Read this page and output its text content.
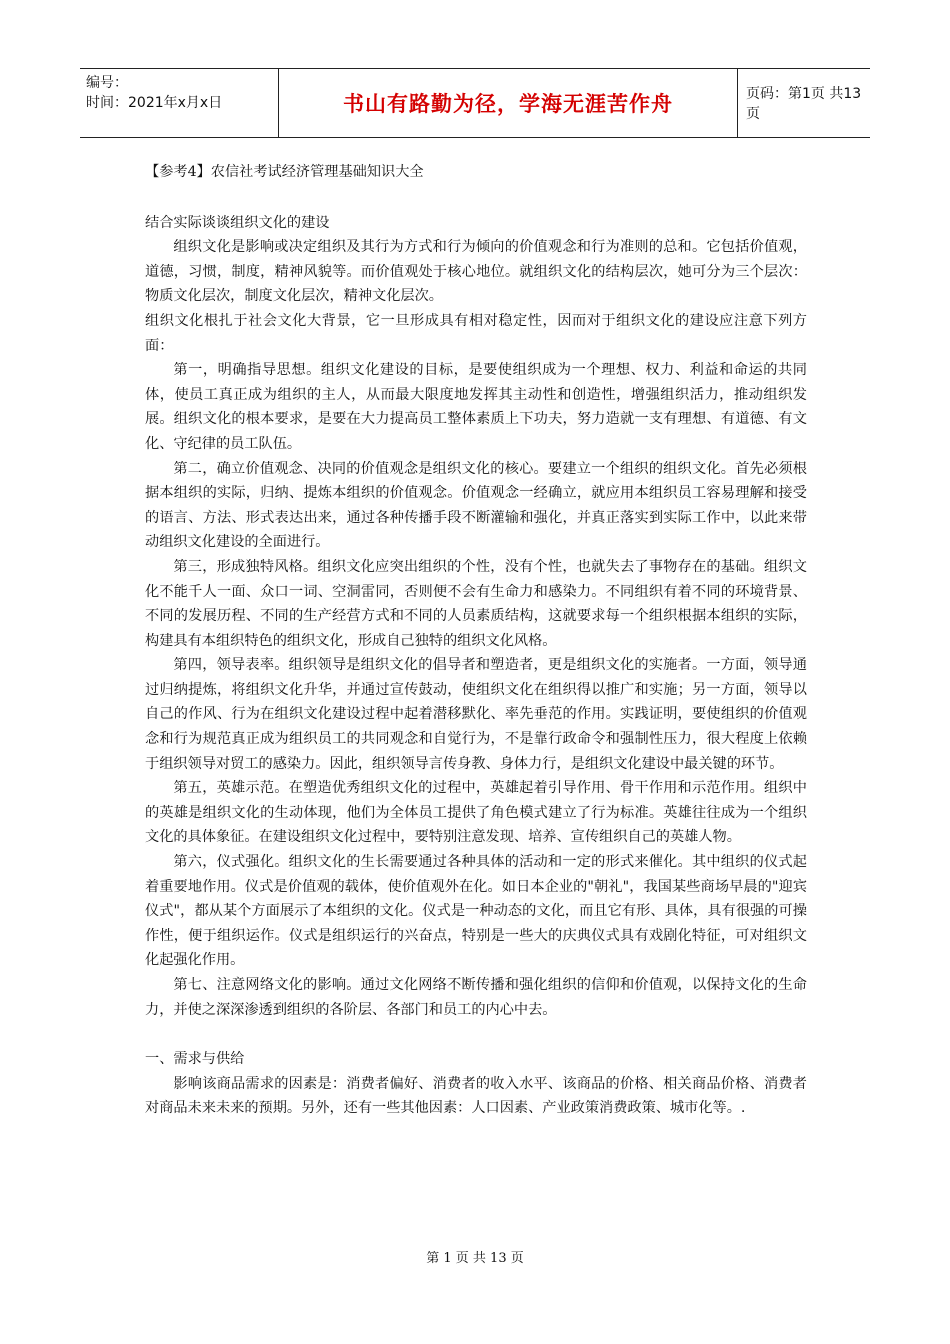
编号：
时间：2021年x月x日	书山有路勤为径，学海无涯苦作舟	页码：第1页 共13页

【参考4】农信社考试经济管理基础知识大全

结合实际谈谈组织文化的建设

组织文化是影响或决定组织及其行为方式和行为倾向的价值观念和行为准则的总和。它包括价值观，道德，习惯，制度，精神风貌等。而价值观处于核心地位。就组织文化的结构层次，她可分为三个层次：物质文化层次，制度文化层次，精神文化层次。

组织文化根扎于社会文化大背景，它一旦形成具有相对稳定性，因而对于组织文化的建设应注意下列方面：

第一，明确指导思想。组织文化建设的目标，是要使组织成为一个理想、权力、利益和命运的共同体，使员工真正成为组织的主人，从而最大限度地发挥其主动性和创造性，增强组织活力，推动组织发展。组织文化的根本要求，是要在大力提高员工整体素质上下功夫，努力造就一支有理想、有道德、有文化、守纪律的员工队伍。

第二，确立价值观念、决同的价值观念是组织文化的核心。要建立一个组织的组织文化。首先必须根据本组织的实际，归纳、提炼本组织的价值观念。价值观念一经确立，就应用本组织员工容易理解和接受的语言、方法、形式表达出来，通过各种传播手段不断灌输和强化，并真正落实到实际工作中，以此来带动组织文化建设的全面进行。

第三，形成独特风格。组织文化应突出组织的个性，没有个性，也就失去了事物存在的基础。组织文化不能千人一面、众口一词、空洞雷同，否则便不会有生命力和感染力。不同组织有着不同的环境背景、不同的发展历程、不同的生产经营方式和不同的人员素质结构，这就要求每一个组织根据本组织的实际，构建具有本组织特色的组织文化，形成自己独特的组织文化风格。

第四，领导表率。组织领导是组织文化的倡导者和塑造者，更是组织文化的实施者。一方面，领导通过归纳提炼，将组织文化升华，并通过宣传鼓动，使组织文化在组织得以推广和实施；另一方面，领导以自己的作风、行为在组织文化建设过程中起着潜移默化、率先垂范的作用。实践证明，要使组织的价值观念和行为规范真正成为组织员工的共同观念和自觉行为，不是靠行政命令和强制性压力，很大程度上依赖于组织领导对贸工的感染力。因此，组织领导言传身教、身体力行，是组织文化建设中最关键的环节。

第五，英雄示范。在塑造优秀组织文化的过程中，英雄起着引导作用、骨干作用和示范作用。组织中的英雄是组织文化的生动体现，他们为全体员工提供了角色模式建立了行为标准。英雄往往成为一个组织文化的具体象征。在建设组织文化过程中，要特别注意发现、培养、宣传组织自己的英雄人物。

第六，仪式强化。组织文化的生长需要通过各种具体的活动和一定的形式来催化。其中组织的仪式起着重要地作用。仪式是价值观的载体，使价值观外在化。如日本企业的"朝礼"，我国某些商场早晨的"迎宾仪式"，都从某个方面展示了本组织的文化。仪式是一种动态的文化，而且它有形、具体，具有很强的可操作性，便于组织运作。仪式是组织运行的兴奋点，特别是一些大的庆典仪式具有戏剧化特征，可对组织文化起强化作用。

第七、注意网络文化的影响。通过文化网络不断传播和强化组织的信仰和价值观，以保持文化的生命力，并使之深深渗透到组织的各阶层、各部门和员工的内心中去。

一、需求与供给

影响该商品需求的因素是：消费者偏好、消费者的收入水平、该商品的价格、相关商品价格、消费者对商品未来未来的预期。另外，还有一些其他因素：人口因素、产业政策消费政策、城市化等。.

第 1 页 共 13 页
